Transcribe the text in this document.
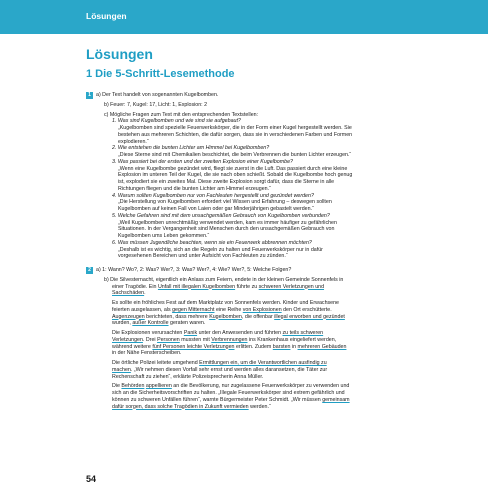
Lösungen
Lösungen
1 Die 5-Schritt-Lesemethode
1 a) Der Text handelt von sogenannten Kugelbomben.
b) Feuer: 7, Kugel: 17, Licht: 1, Explosion: 2
c) Mögliche Fragen zum Text mit den entsprechenden Textstellen:
1. Was sind Kugelbomben und wie sind sie aufgebaut?
„Kugelbomben sind spezielle Feuerwerkskörper, die in der Form einer Kugel hergestellt werden. Sie
bestehen aus mehreren Schichten, die dafür sorgen, dass sie in verschiedenen Farben und Formen
explodieren.“
2. Wie entstehen die bunten Lichter am Himmel bei Kugelbomben?
„Diese Sterne sind mit Chemikalien beschichtet, die beim Verbrennen die bunten Lichter erzeugen.“
3. Was passiert bei der ersten und der zweiten Explosion einer Kugelbombe?
„Wenn eine Kugelbombe gezündet wird, fliegt sie zuerst in die Luft. Das passiert durch eine kleine
Explosion im unteren Teil der Kugel, die sie nach oben schießt. Sobald die Kugelbombe hoch genug
ist, explodiert sie ein zweites Mal. Diese zweite Explosion sorgt dafür, dass die Sterne in alle
Richtungen fliegen und die bunten Lichter am Himmel erzeugen.“
4. Warum sollten Kugelbomben nur von Fachleuten hergestellt und gezündet werden?
„Die Herstellung von Kugelbomben erfordert viel Wissen und Erfahrung – deswegen sollten
Kugelbomben auf keinen Fall von Laien oder gar Minderjährigen gebastelt werden.“
5. Welche Gefahren sind mit dem unsachgemäßen Gebrauch von Kugelbomben verbunden?
„Weil Kugelbomben unrechtmäßig verwendet werden, kam es immer häufiger zu gefährlichen
Situationen. In der Vergangenheit sind Menschen durch den unsachgemäßen Gebrauch von
Kugelbomben ums Leben gekommen.“
6. Was müssen Jugendliche beachten, wenn sie ein Feuerwerk abbrennen möchten?
„Deshalb ist es wichtig, sich an die Regeln zu halten und Feuerwerkskörper nur in dafür
vorgesehenen Bereichen und unter Aufsicht von Fachleuten zu zünden.“
2 a) 1: Wann? Wo?, 2: Was? Wer?, 3: Was? Wer?, 4: Wie? Wer?, 5: Welche Folgen?
b) Die Silvesternacht, eigentlich ein Anlass zum Feiern, endete in der kleinen Gemeinde Sonnenfels in
einer Tragödie. Ein Unfall mit illegalen Kugelbomben führte zu schweren Verletzungen und
Sachschäden.
Es sollte ein fröhliches Fest auf dem Marktplatz von Sonnenfels werden. Kinder und Erwachsene
feierten ausgelassen, als gegen Mitternacht eine Reihe von Explosionen den Ort erschütterte.
Augenzeugen berichteten, dass mehrere Kugelbomben, die offenbar illegal erworben und gezündet
wurden, außer Kontrolle geraten waren.
Die Explosionen verursachten Panik unter den Anwesenden und führten zu teils schweren
Verletzungen. Drei Personen mussten mit Verbrennungen ins Krankenhaus eingeliefert werden,
während weitere fünf Personen leichte Verletzungen erlitten. Zudem barsten in mehreren Gebäuden
in der Nähe Fensterscheiben.
Die örtliche Polizei leitete umgehend Ermittlungen ein, um die Verantwortlichen ausfindig zu
machen. „Wir nehmen diesen Vorfall sehr ernst und werden alles daransetzen, die Täter zur
Rechenschaft zu ziehen“, erklärte Polizeisprecherin Anna Müller.
Die Behörden appellieren an die Bevölkerung, nur zugelassene Feuerwerkskörper zu verwenden und
sich an die Sicherheitsvorschriften zu halten. „Illegale Feuerwerkskörper sind extrem gefährlich und
können zu schweren Unfällen führen“, warnte Bürgermeister Peter Schmidt. „Wir müssen gemeinsam
dafür sorgen, dass solche Tragödien in Zukunft vermieden werden.“
54
